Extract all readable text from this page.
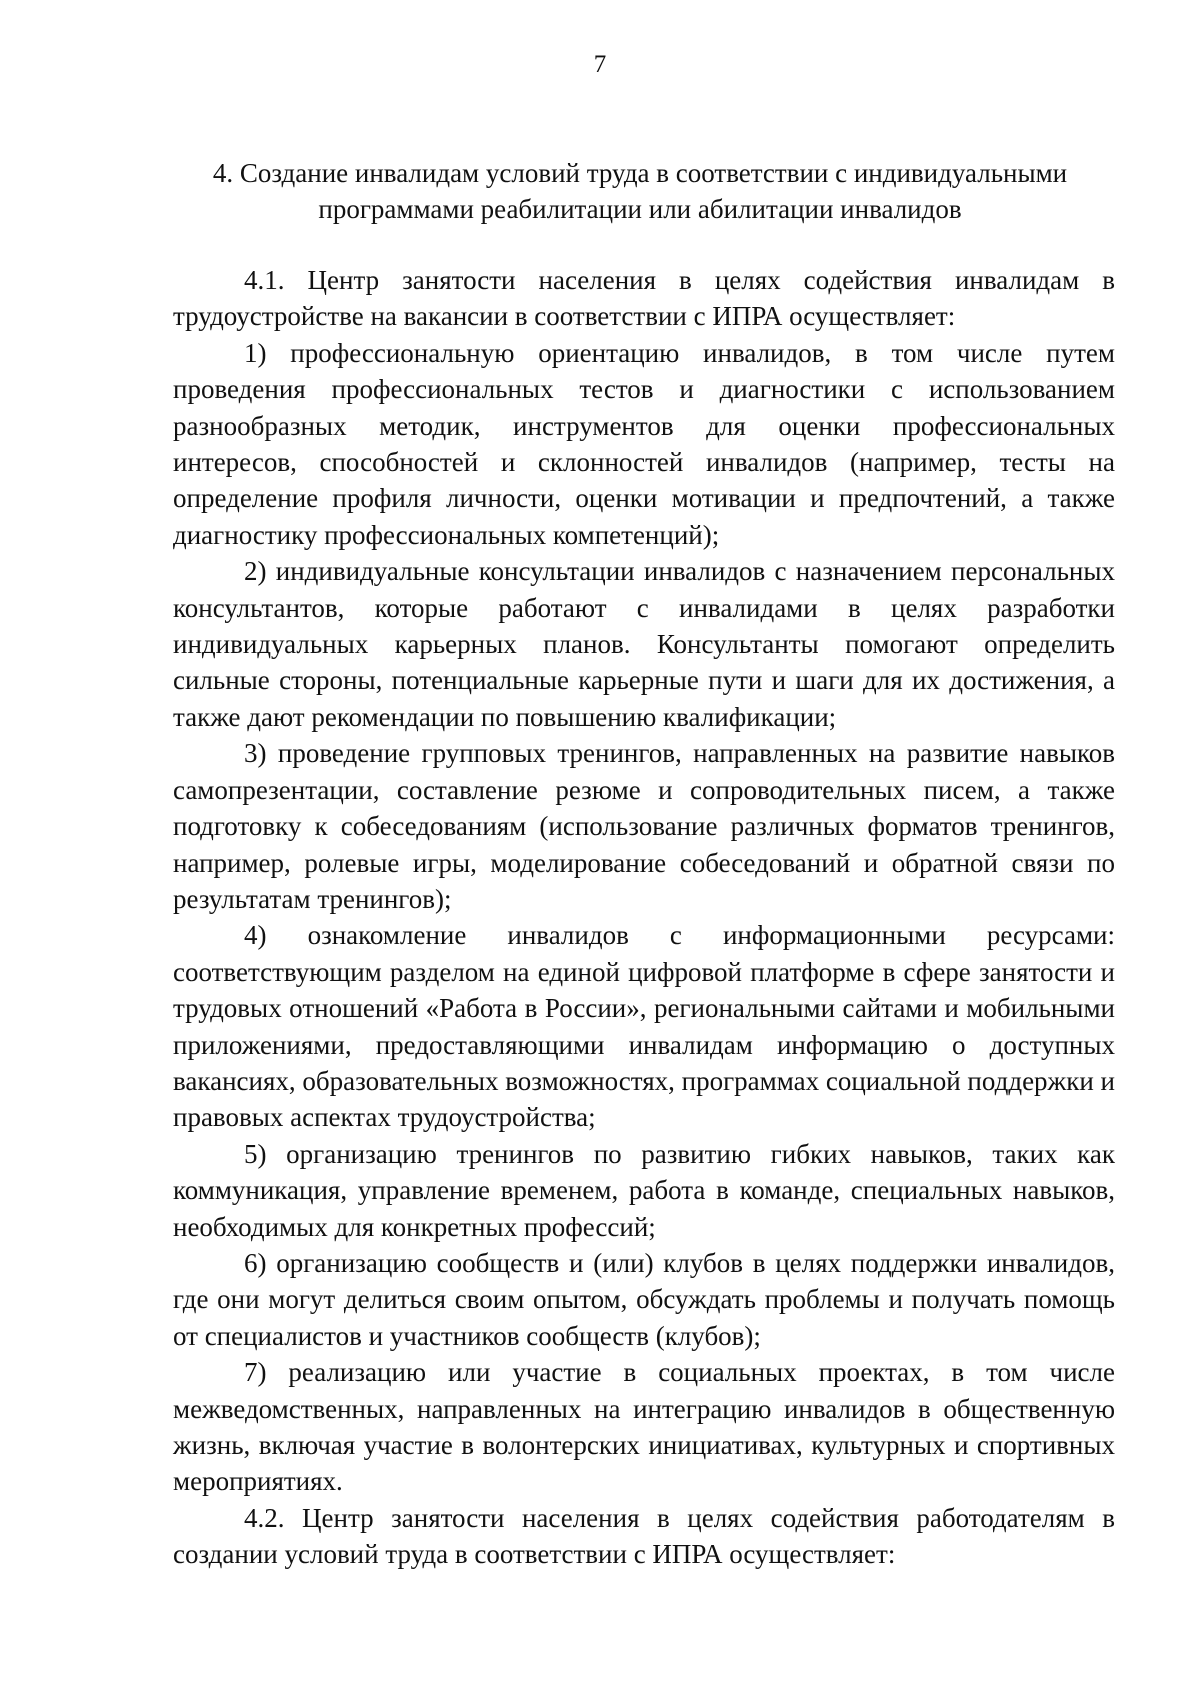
7
4. Создание инвалидам условий труда в соответствии с индивидуальными программами реабилитации или абилитации инвалидов

4.1. Центр занятости населения в целях содействия инвалидам в трудоустройстве на вакансии в соответствии с ИПРА осуществляет:

1) профессиональную ориентацию инвалидов, в том числе путем проведения профессиональных тестов и диагностики с использованием разнообразных методик, инструментов для оценки профессиональных интересов, способностей и склонностей инвалидов (например, тесты на определение профиля личности, оценки мотивации и предпочтений, а также диагностику профессиональных компетенций);

2) индивидуальные консультации инвалидов с назначением персональных консультантов, которые работают с инвалидами в целях разработки индивидуальных карьерных планов. Консультанты помогают определить сильные стороны, потенциальные карьерные пути и шаги для их достижения, а также дают рекомендации по повышению квалификации;

3) проведение групповых тренингов, направленных на развитие навыков самопрезентации, составление резюме и сопроводительных писем, а также подготовку к собеседованиям (использование различных форматов тренингов, например, ролевые игры, моделирование собеседований и обратной связи по результатам тренингов);

4) ознакомление инвалидов с информационными ресурсами: соответствующим разделом на единой цифровой платформе в сфере занятости и трудовых отношений «Работа в России», региональными сайтами и мобильными приложениями, предоставляющими инвалидам информацию о доступных вакансиях, образовательных возможностях, программах социальной поддержки и правовых аспектах трудоустройства;

5) организацию тренингов по развитию гибких навыков, таких как коммуникация, управление временем, работа в команде, специальных навыков, необходимых для конкретных профессий;

6) организацию сообществ и (или) клубов в целях поддержки инвалидов, где они могут делиться своим опытом, обсуждать проблемы и получать помощь от специалистов и участников сообществ (клубов);

7) реализацию или участие в социальных проектах, в том числе межведомственных, направленных на интеграцию инвалидов в общественную жизнь, включая участие в волонтерских инициативах, культурных и спортивных мероприятиях.

4.2. Центр занятости населения в целях содействия работодателям в создании условий труда в соответствии с ИПРА осуществляет:
